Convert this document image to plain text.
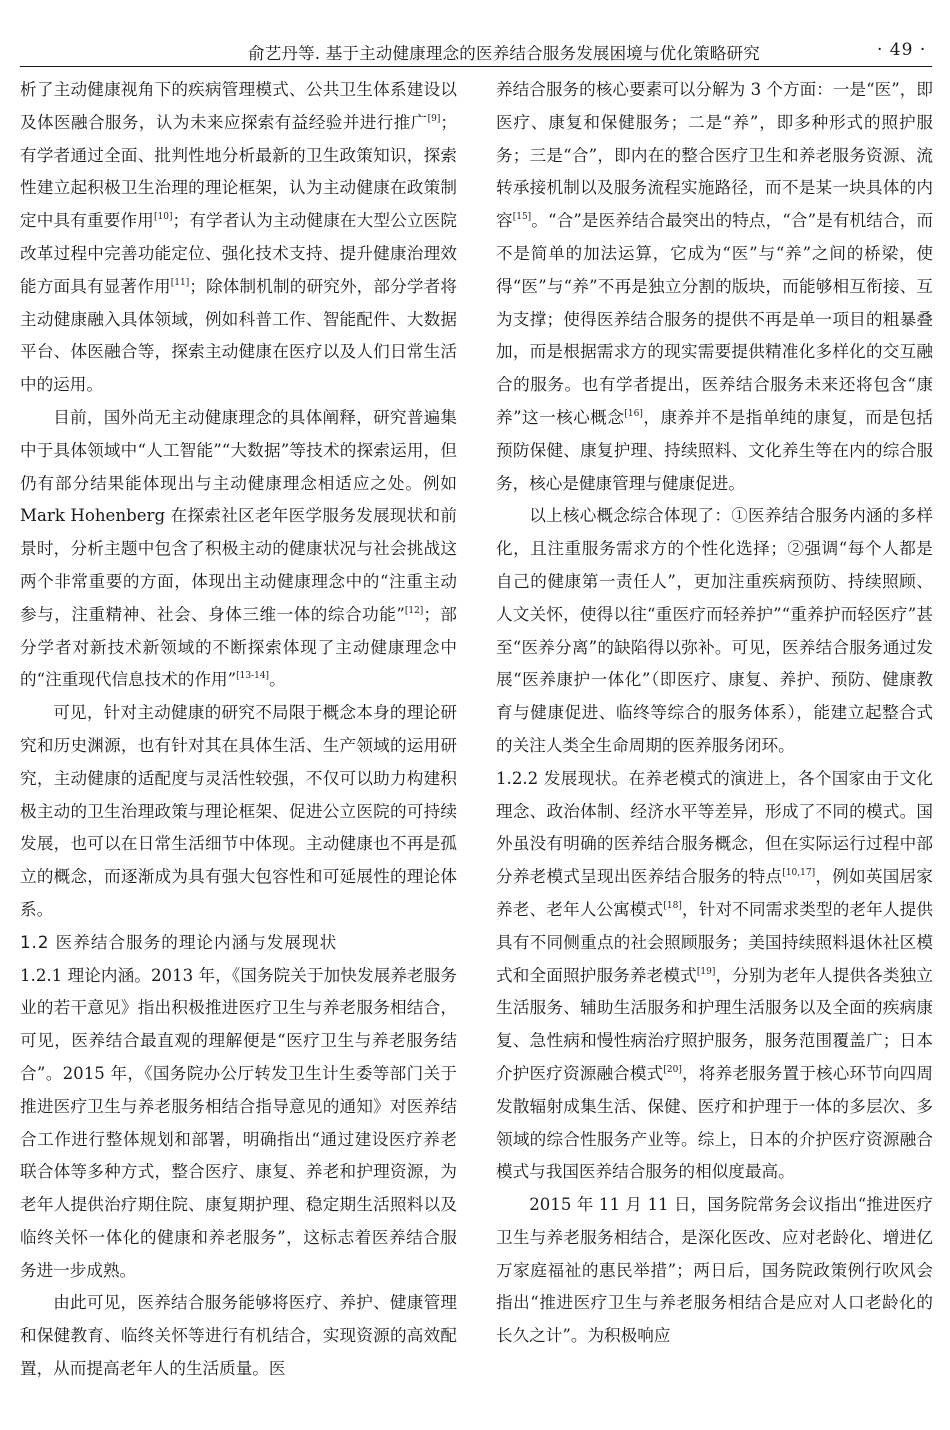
俞艺丹等. 基于主动健康理念的医养结合服务发展困境与优化策略研究	· 49 ·

析了主动健康视角下的疾病管理模式、公共卫生体系建设以及体医融合服务，认为未来应探索有益经验并进行推广[9]；有学者通过全面、批判性地分析最新的卫生政策知识，探索性建立起积极卫生治理的理论框架，认为主动健康在政策制定中具有重要作用[10]；有学者认为主动健康在大型公立医院改革过程中完善功能定位、强化技术支持、提升健康治理效能方面具有显著作用[11]；除体制机制的研究外，部分学者将主动健康融入具体领域，例如科普工作、智能配件、大数据平台、体医融合等，探索主动健康在医疗以及人们日常生活中的运用。

目前，国外尚无主动健康理念的具体阐释，研究普遍集中于具体领域中“人工智能”“大数据”等技术的探索运用，但仍有部分结果能体现出与主动健康理念相适应之处。例如 Mark Hohenberg 在探索社区老年医学服务发展现状和前景时，分析主题中包含了积极主动的健康状况与社会挑战这两个非常重要的方面，体现出主动健康理念中的“注重主动参与，注重精神、社会、身体三维一体的综合功能”[12]；部分学者对新技术新领域的不断探索体现了主动健康理念中的“注重现代信息技术的作用”[13-14]。

可见，针对主动健康的研究不局限于概念本身的理论研究和历史渊源，也有针对其在具体生活、生产领域的运用研究，主动健康的适配度与灵活性较强，不仅可以助力构建积极主动的卫生治理政策与理论框架、促进公立医院的可持续发展，也可以在日常生活细节中体现。主动健康也不再是孤立的概念，而逐渐成为具有强大包容性和可延展性的理论体系。

1.2 医养结合服务的理论内涵与发展现状

1.2.1 理论内涵。2013 年，《国务院关于加快发展养老服务业的若干意见》指出积极推进医疗卫生与养老服务相结合，可见，医养结合最直观的理解便是“医疗卫生与养老服务结合”。2015 年，《国务院办公厅转发卫生计生委等部门关于推进医疗卫生与养老服务相结合指导意见的通知》对医养结合工作进行整体规划和部署，明确指出“通过建设医疗养老联合体等多种方式，整合医疗、康复、养老和护理资源，为老年人提供治疗期住院、康复期护理、稳定期生活照料以及临终关怀一体化的健康和养老服务”，这标志着医养结合服务进一步成熟。

由此可见，医养结合服务能够将医疗、养护、健康管理和保健教育、临终关怀等进行有机结合，实现资源的高效配置，从而提高老年人的生活质量。医

养结合服务的核心要素可以分解为 3 个方面：一是“医”，即医疗、康复和保健服务；二是“养”，即多种形式的照护服务；三是“合”，即内在的整合医疗卫生和养老服务资源、流转承接机制以及服务流程实施路径，而不是某一块具体的内容[15]。“合”是医养结合最突出的特点，“合”是有机结合，而不是简单的加法运算，它成为“医”与“养”之间的桥梁，使得“医”与“养”不再是独立分割的版块，而能够相互衔接、互为支撑；使得医养结合服务的提供不再是单一项目的粗暴叠加，而是根据需求方的现实需要提供精准化多样化的交互融合的服务。也有学者提出，医养结合服务未来还将包含“康养”这一核心概念[16]，康养并不是指单纯的康复，而是包括预防保健、康复护理、持续照料、文化养生等在内的综合服务，核心是健康管理与健康促进。

以上核心概念综合体现了：①医养结合服务内涵的多样化，且注重服务需求方的个性化选择；②强调“每个人都是自己的健康第一责任人”，更加注重疾病预防、持续照顾、人文关怀，使得以往“重医疗而轻养护”“重养护而轻医疗”甚至“医养分离”的缺陷得以弥补。可见，医养结合服务通过发展“医养康护一体化”（即医疗、康复、养护、预防、健康教育与健康促进、临终等综合的服务体系），能建立起整合式的关注人类全生命周期的医养服务闭环。

1.2.2 发展现状。在养老模式的演进上，各个国家由于文化理念、政治体制、经济水平等差异，形成了不同的模式。国外虽没有明确的医养结合服务概念，但在实际运行过程中部分养老模式呈现出医养结合服务的特点[10,17]，例如英国居家养老、老年人公寓模式[18]，针对不同需求类型的老年人提供具有不同侧重点的社会照顾服务；美国持续照料退休社区模式和全面照护服务养老模式[19]，分别为老年人提供各类独立生活服务、辅助生活服务和护理生活服务以及全面的疾病康复、急性病和慢性病治疗照护服务，服务范围覆盖广；日本介护医疗资源融合模式[20]，将养老服务置于核心环节向四周发散辐射成集生活、保健、医疗和护理于一体的多层次、多领域的综合性服务产业等。综上，日本的介护医疗资源融合模式与我国医养结合服务的相似度最高。

2015 年 11 月 11 日，国务院常务会议指出“推进医疗卫生与养老服务相结合，是深化医改、应对老龄化、增进亿万家庭福祉的惠民举措”；两日后，国务院政策例行吹风会指出“推进医疗卫生与养老服务相结合是应对人口老龄化的长久之计”。为积极响应
